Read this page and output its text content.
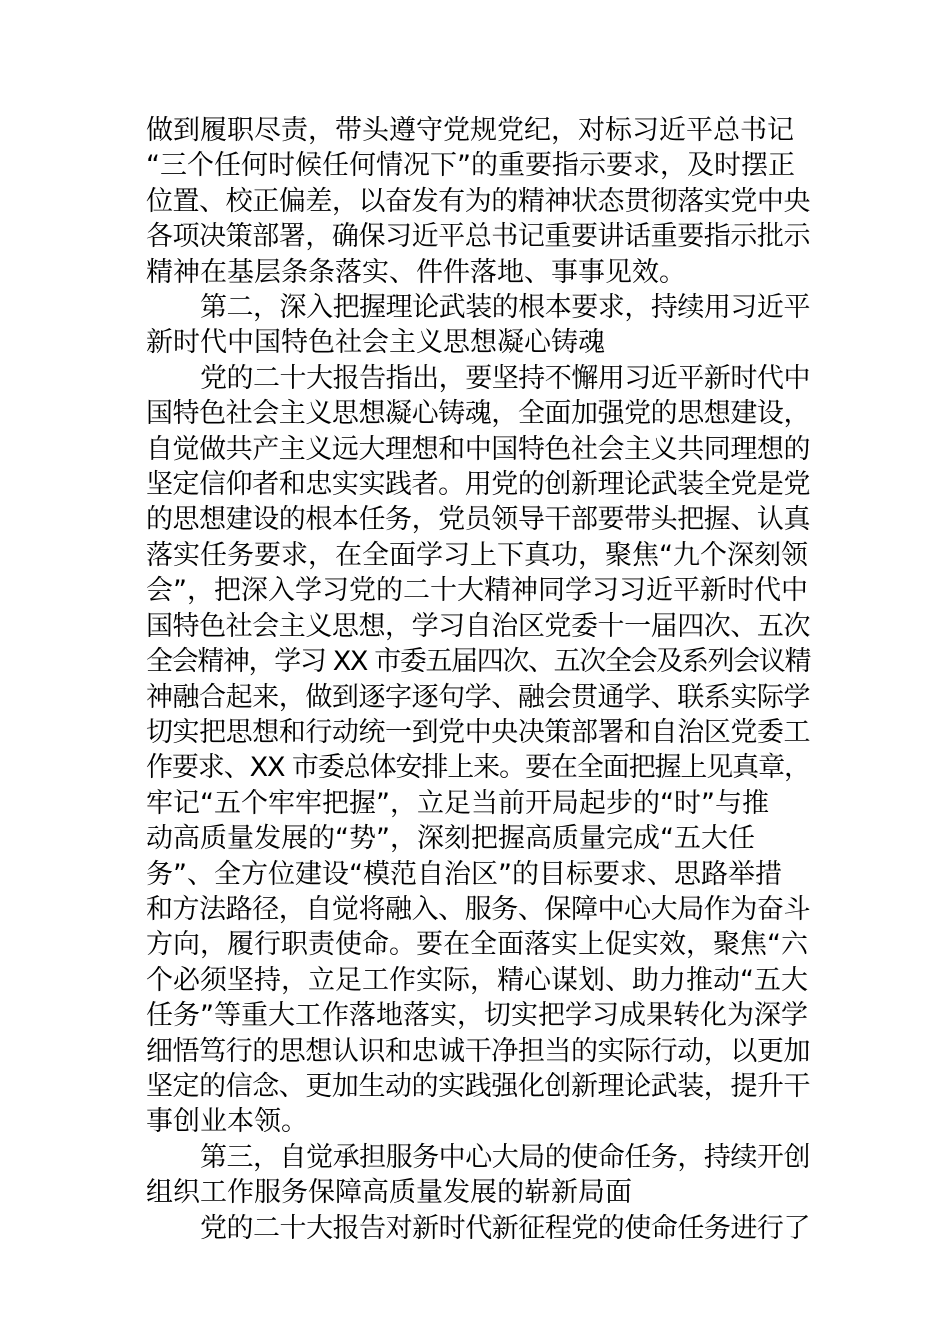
做到履职尽责，带头遵守党规党纪，对标习近平总书记
“三个任何时候任何情况下”的重要指示要求，及时摆正
位置、校正偏差，以奋发有为的精神状态贯彻落实党中央
各项决策部署，确保习近平总书记重要讲话重要指示批示
精神在基层条条落实、件件落地、事事见效。

第二，深入把握理论武装的根本要求，持续用习近平
新时代中国特色社会主义思想凝心铸魂

党的二十大报告指出，要坚持不懈用习近平新时代中
国特色社会主义思想凝心铸魂，全面加强党的思想建设，
自觉做共产主义远大理想和中国特色社会主义共同理想的
坚定信仰者和忠实实践者。用党的创新理论武装全党是党
的思想建设的根本任务，党员领导干部要带头把握、认真
落实任务要求，在全面学习上下真功，聚焦“九个深刻领
会”，把深入学习党的二十大精神同学习习近平新时代中
国特色社会主义思想，学习自治区党委十一届四次、五次
全会精神，学习 XX 市委五届四次、五次全会及系列会议精
神融合起来，做到逐字逐句学、融会贯通学、联系实际学
切实把思想和行动统一到党中央决策部署和自治区党委工
作要求、XX 市委总体安排上来。要在全面把握上见真章，
牢记“五个牢牢把握”，立足当前开局起步的“时”与推
动高质量发展的“势”，深刻把握高质量完成“五大任
务”、全方位建设“模范自治区”的目标要求、思路举措
和方法路径，自觉将融入、服务、保障中心大局作为奋斗
方向，履行职责使命。要在全面落实上促实效，聚焦“六
个必须坚持，立足工作实际，精心谋划、助力推动“五大
任务”等重大工作落地落实，切实把学习成果转化为深学
细悟笃行的思想认识和忠诚干净担当的实际行动，以更加
坚定的信念、更加生动的实践强化创新理论武装，提升干
事创业本领。

第三，自觉承担服务中心大局的使命任务，持续开创
组织工作服务保障高质量发展的崭新局面

党的二十大报告对新时代新征程党的使命任务进行了
